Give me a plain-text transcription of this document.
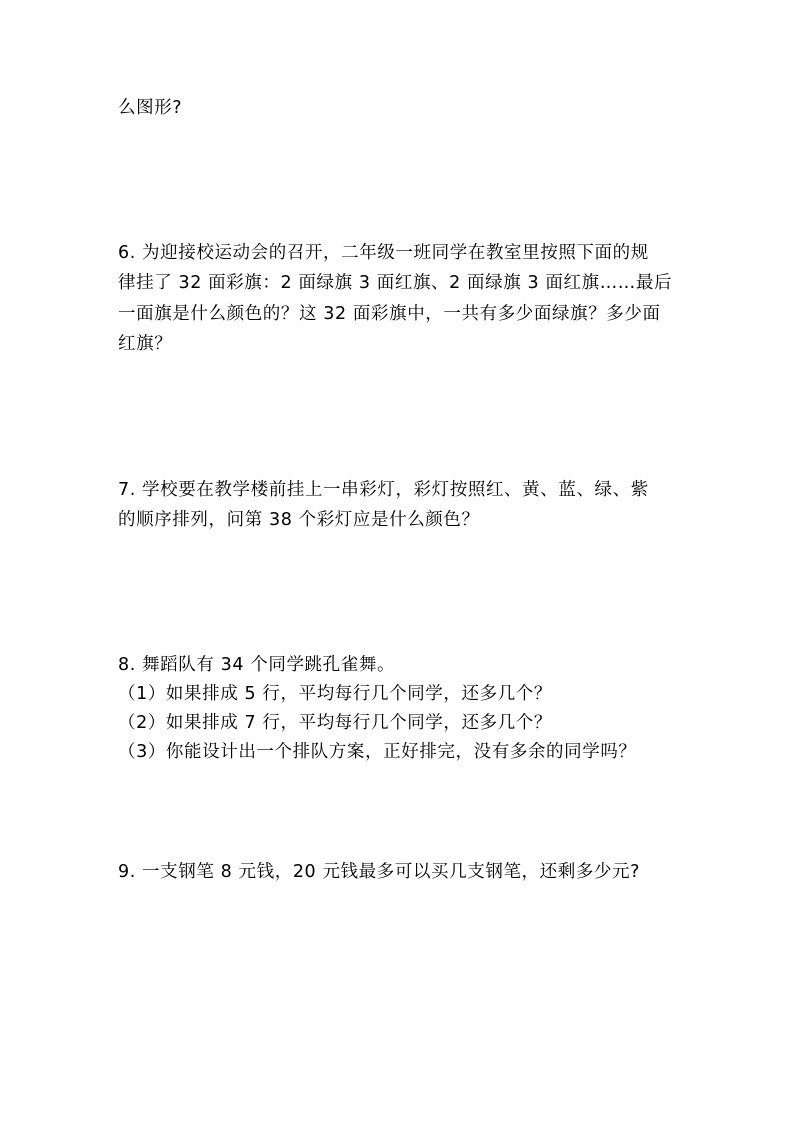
么图形?
6. 为迎接校运动会的召开，二年级一班同学在教室里按照下面的规
律挂了 32 面彩旗：2 面绿旗 3 面红旗、2 面绿旗 3 面红旗……最后
一面旗是什么颜色的？这 32 面彩旗中，一共有多少面绿旗？多少面
红旗？
7. 学校要在教学楼前挂上一串彩灯，彩灯按照红、黄、蓝、绿、紫
的顺序排列，问第 38 个彩灯应是什么颜色？
8. 舞蹈队有 34 个同学跳孔雀舞。
（1）如果排成 5 行，平均每行几个同学，还多几个？
（2）如果排成 7 行，平均每行几个同学，还多几个？
（3）你能设计出一个排队方案，正好排完，没有多余的同学吗？
9. 一支钢笔 8 元钱，20 元钱最多可以买几支钢笔，还剩多少元?
